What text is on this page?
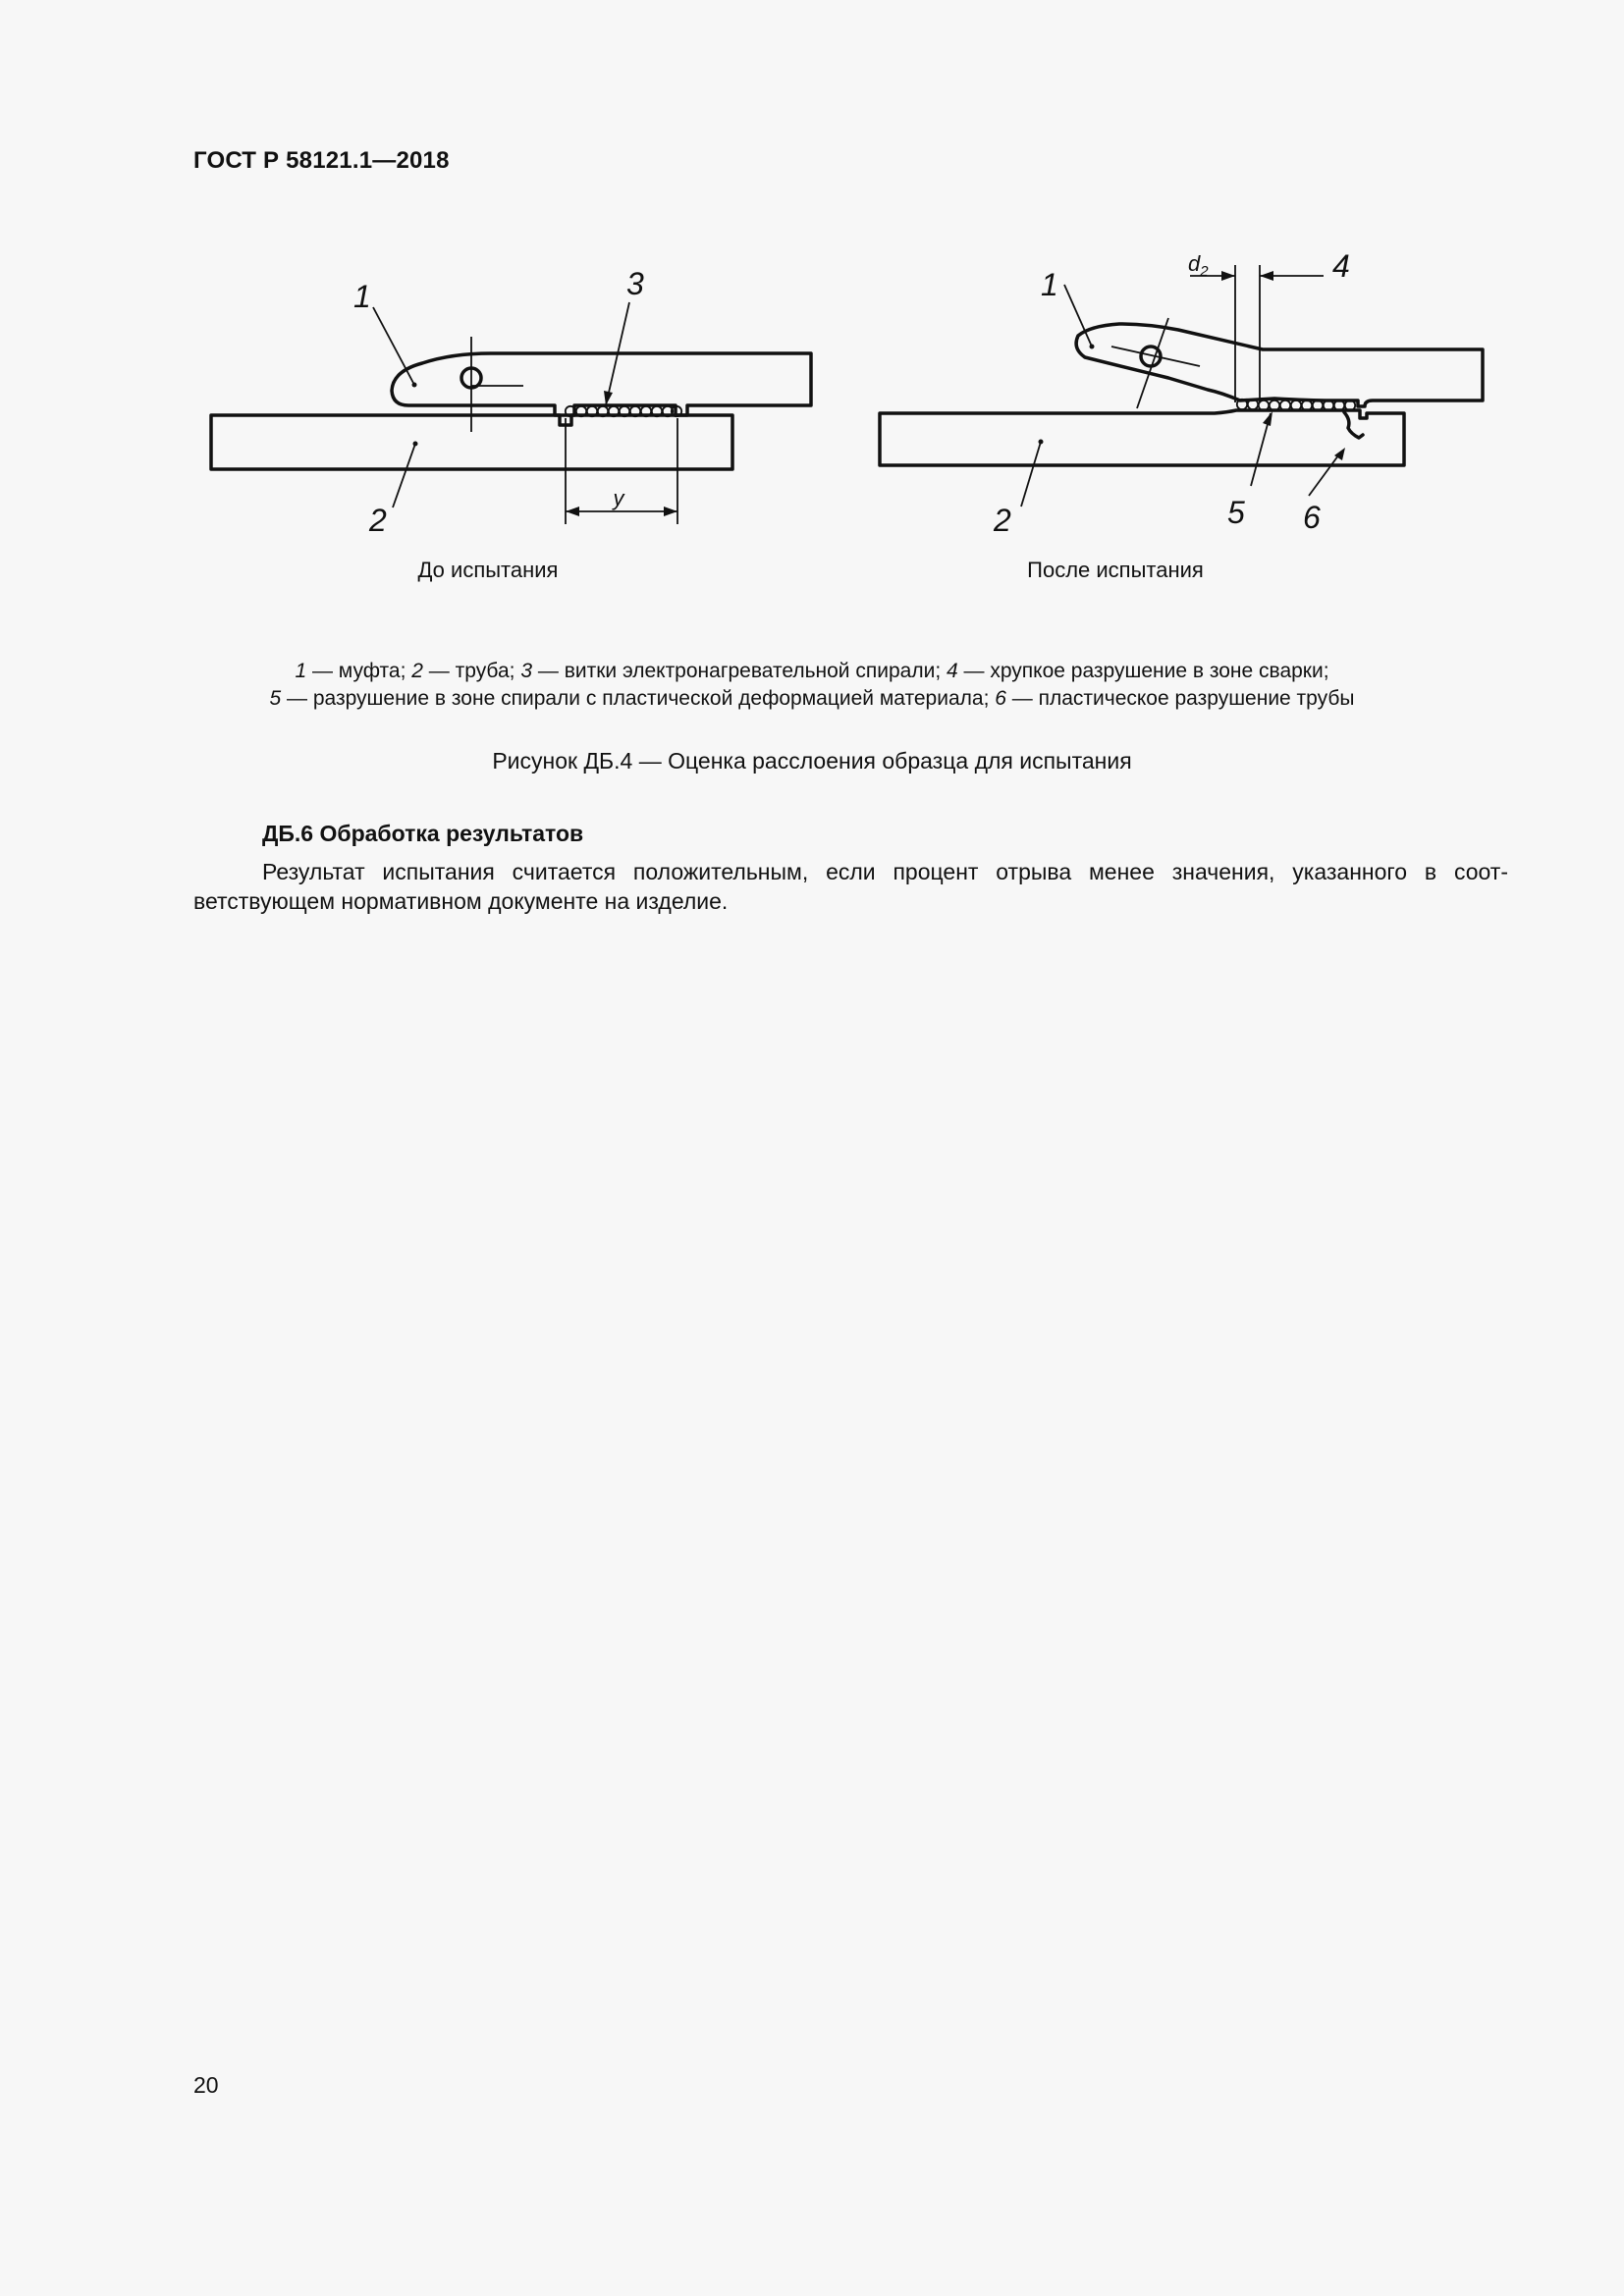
ГОСТ Р 58121.1—2018
y
1
2
3
$d_2$
1
2
4
5 6
До испытания	После испытания
1 — муфта; 2 — труба; 3 — витки электронагревательной спирали; 4 — хрупкое разрушение в зоне сварки;
5 — разрушение в зоне спирали с пластической деформацией материала; 6 — пластическое разрушение трубы
Рисунок ДБ.4 — Оценка расслоения образца для испытания
ДБ.6 Обработка результатов
Результат испытания считается положительным, если процент отрыва менее значения, указанного в соответствующем нормативном документе на изделие.
20
